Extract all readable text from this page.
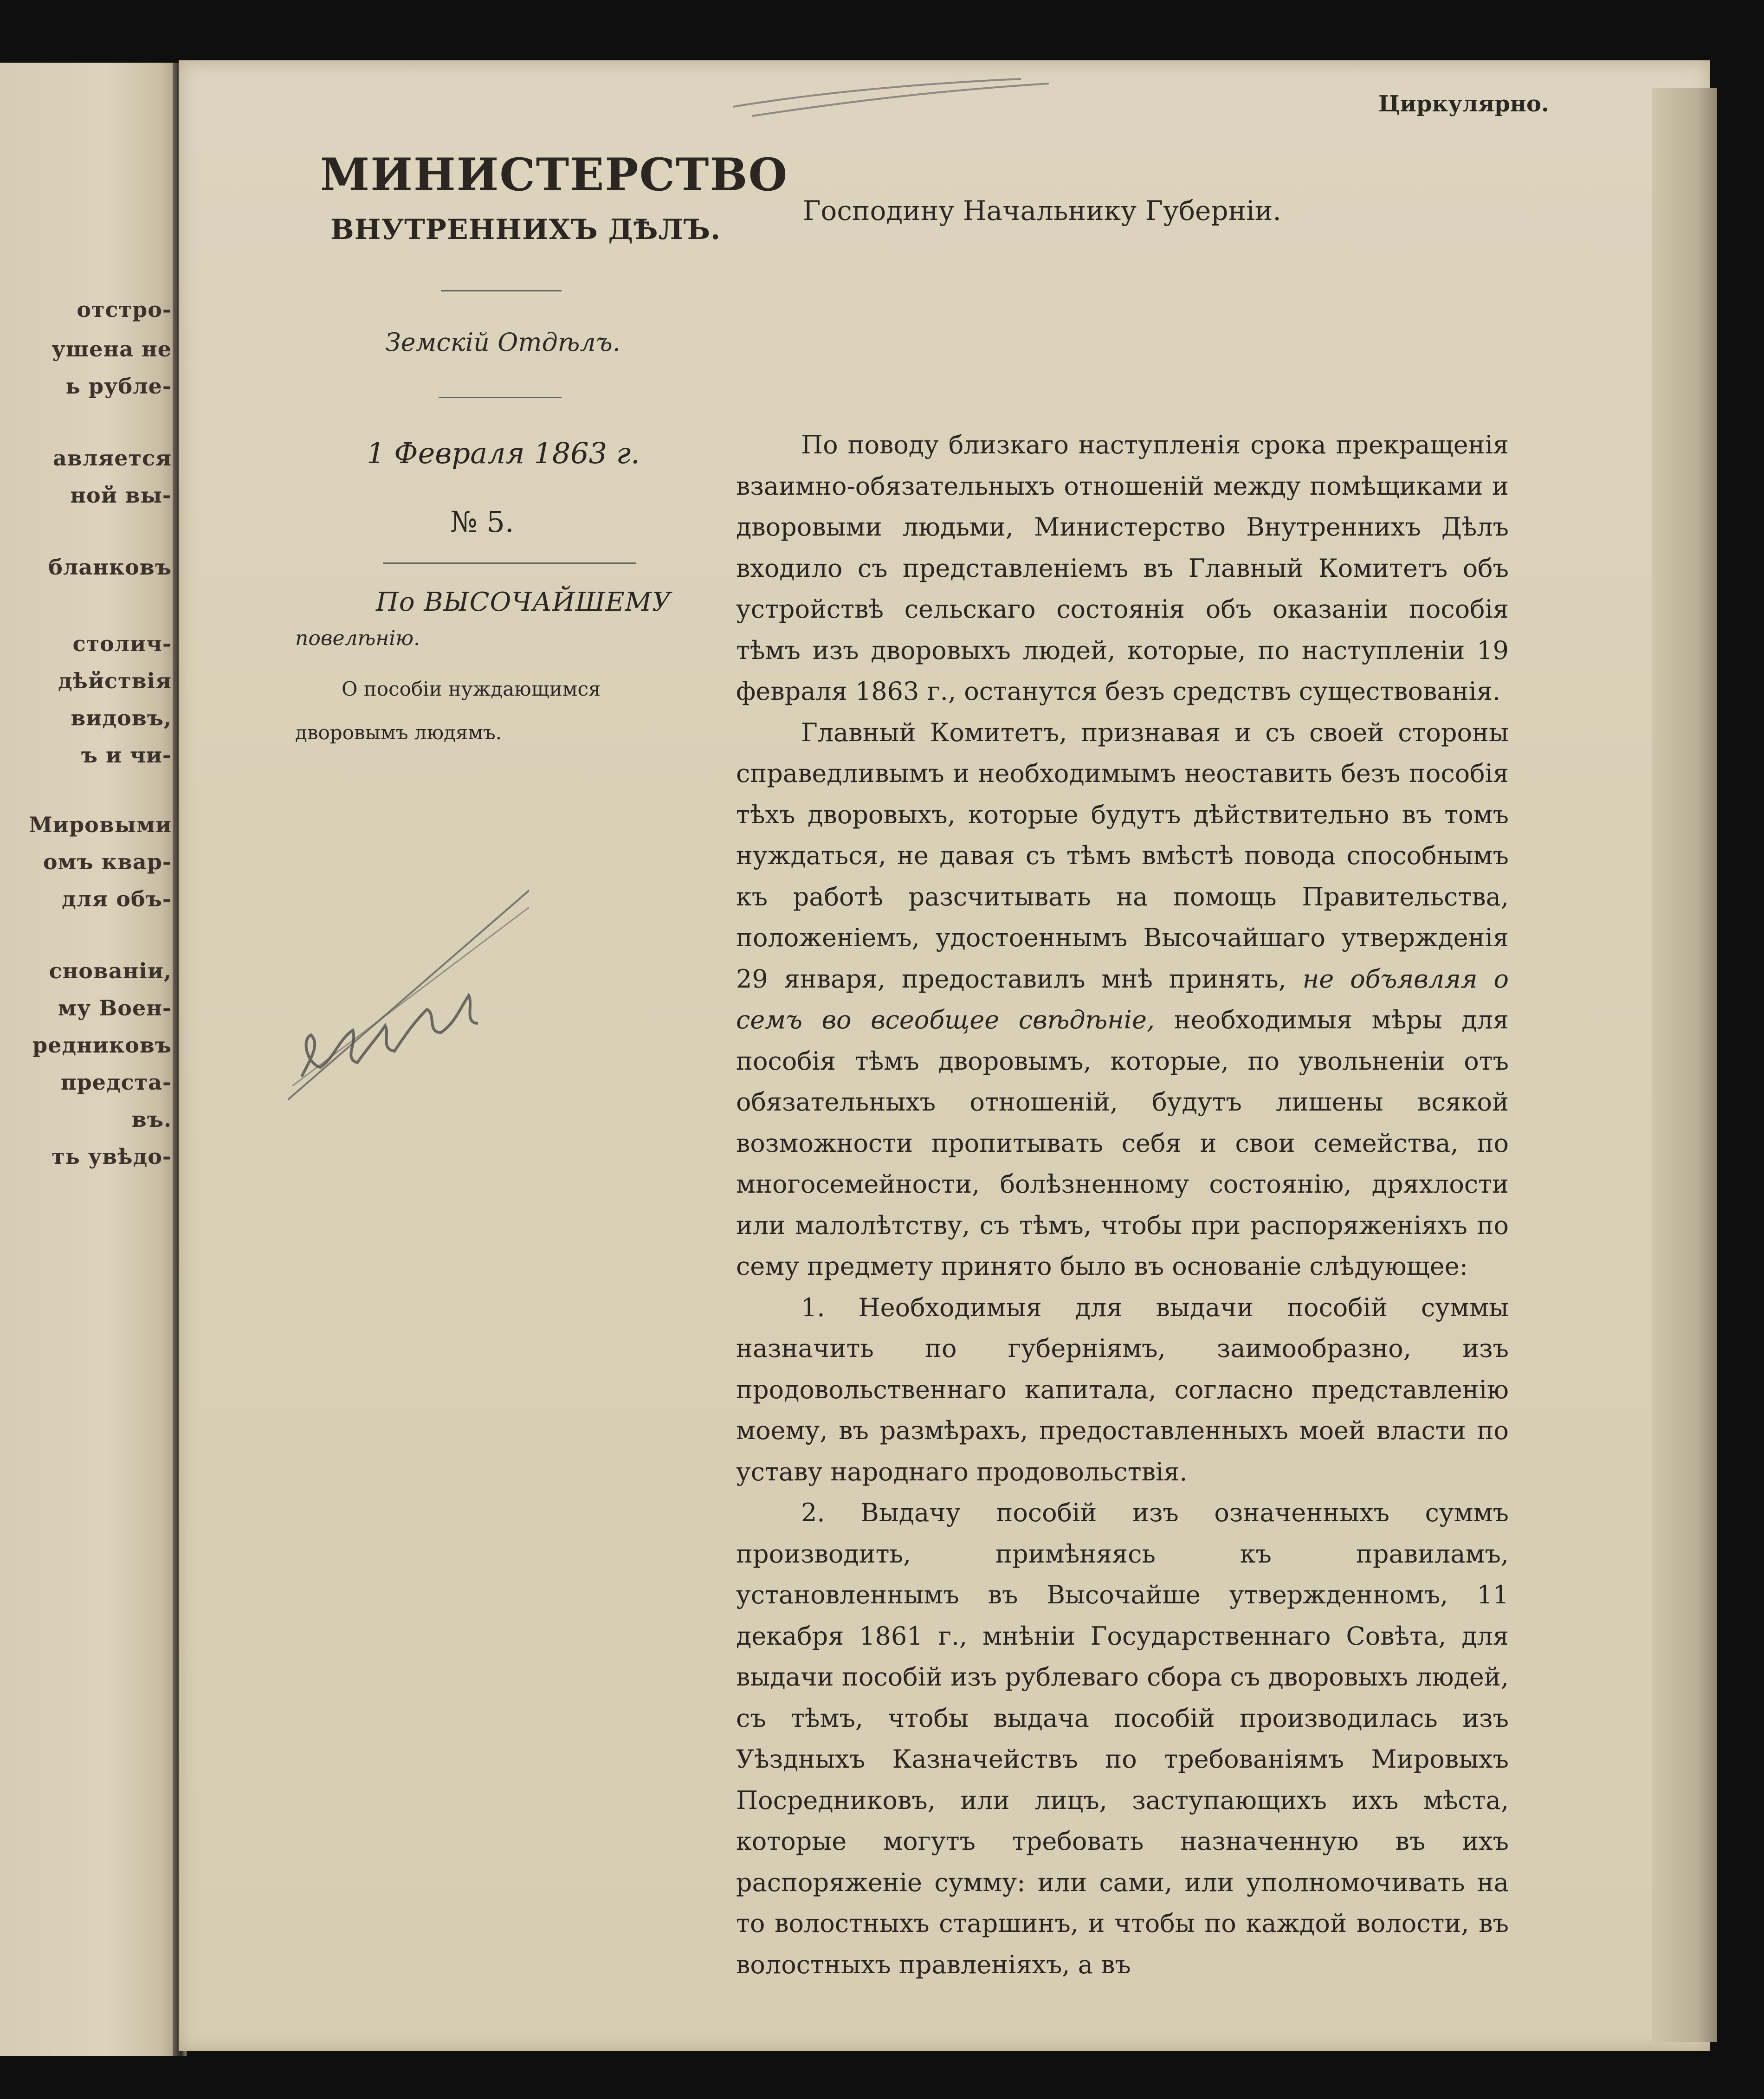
Циркулярно.
МИНИСТЕРСТВО
ВНУТРЕННИХЪ ДѢЛЪ.
Земскій Отдѣлъ.
1 Февраля 1863 г.
№ 5.
По ВЫСОЧАЙШЕМУ
повелѣнію.
О пособіи нуждающимся дворовымъ людямъ.
Господину Начальнику Губерніи.

По поводу близкаго наступленія срока прекращенія взаимно-обязательныхъ отношеній между помѣщиками и дворовыми людьми, Министерство Внутреннихъ Дѣлъ входило съ представленіемъ въ Главный Комитетъ объ устройствѣ сельскаго состоянія объ оказаніи пособія тѣмъ изъ дворовыхъ людей, которые, по наступленіи 19 февраля 1863 г., останутся безъ средствъ существованія.

Главный Комитетъ, признавая и съ своей стороны справедливымъ и необходимымъ неоставить безъ пособія тѣхъ дворовыхъ, которые будутъ дѣйствительно въ томъ нуждаться, не давая съ тѣмъ вмѣстѣ повода способнымъ къ работѣ разсчитывать на помощь Правительства, положеніемъ, удостоеннымъ Высочайшаго утвержденія 29 января, предоставилъ мнѣ принять, не объявляя о семъ во всеобщее свѣдѣніе, необходимыя мѣры для пособія тѣмъ дворовымъ, которые, по увольненіи отъ обязательныхъ отношеній, будутъ лишены всякой возможности пропитывать себя и свои семейства, по многосемейности, болѣзненному состоянію, дряхлости или малолѣтству, съ тѣмъ, чтобы при распоряженіяхъ по сему предмету принято было въ основаніе слѣдующее:

1. Необходимыя для выдачи пособій суммы назначить по губерніямъ, заимообразно, изъ продовольственнаго капитала, согласно представленію моему, въ размѣрахъ, предоставленныхъ моей власти по уставу народнаго продовольствія.

2. Выдачу пособій изъ означенныхъ суммъ производить, примѣняясь къ правиламъ, установленнымъ въ Высочайше утвержденномъ, 11 декабря 1861 г., мнѣніи Государственнаго Совѣта, для выдачи пособій изъ рублеваго сбора съ дворовыхъ людей, съ тѣмъ, чтобы выдача пособій производилась изъ Уѣздныхъ Казначействъ по требованіямъ Мировыхъ Посредниковъ, или лицъ, заступающихъ ихъ мѣста, которые могутъ требовать назначенную въ ихъ распоряженіе сумму: или сами, или уполномочивать на то волостныхъ старшинъ, и чтобы по каждой волости, въ волостныхъ правленіяхъ, а въ

отстро-
ушена не
ь рубле-
авляется
ной вы-
бланковъ
столич-
дѣйствія
видовъ,
ъ и чи-
Мировыми
омъ квар-
для объ-
снованіи,
му Воен-
редниковъ
предста-
въ.
ть увѣдо-
